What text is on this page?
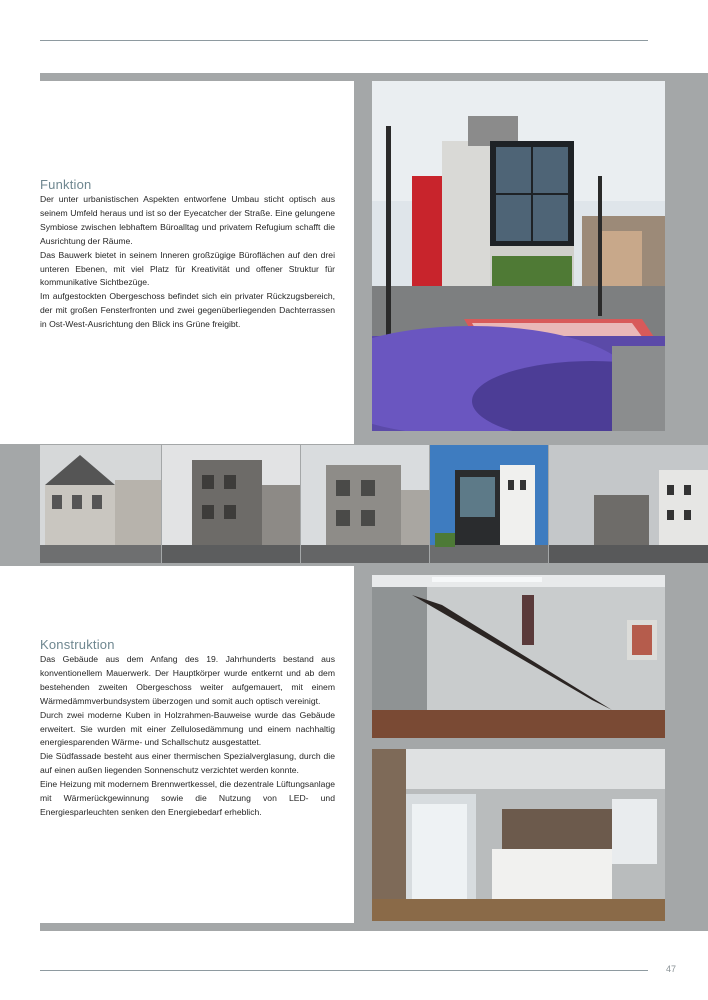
Funktion

Der unter urbanistischen Aspekten entworfene Umbau sticht optisch aus seinem Umfeld heraus und ist so der Eyecatcher der Straße. Eine gelungene Symbiose zwischen lebhaftem Büroalltag und privatem Refugium schafft die Ausrichtung der Räume.

Das Bauwerk bietet in seinem Inneren großzügige Büroflächen auf den drei unteren Ebenen, mit viel Platz für Kreativität und offener Struktur für kommunikative Sichtbezüge.

Im aufgestockten Obergeschoss befindet sich ein privater Rückzugsbereich, der mit großen Fensterfronten und zwei gegenüberliegenden Dachterrassen in Ost-West-Ausrichtung den Blick ins Grüne freigibt.

Konstruktion

Das Gebäude aus dem Anfang des 19. Jahrhunderts bestand aus konventionellem Mauerwerk. Der Hauptkörper wurde entkernt und ab dem bestehenden zweiten Obergeschoss weiter aufgemauert, mit einem Wärmedämmverbundsystem überzogen und somit auch optisch vereinigt.

Durch zwei moderne Kuben in Holzrahmen-Bauweise wurde das Gebäude erweitert. Sie wurden mit einer Zellulosedämmung und einem nachhaltig energiesparenden Wärme- und Schallschutz ausgestattet.

Die Südfassade besteht aus einer thermischen Spezialverglasung, durch die auf einen außen liegenden Sonnenschutz verzichtet werden konnte.

Eine Heizung mit modernem Brennwertkessel, die dezentrale Lüftungsanlage mit Wärmerückgewinnung sowie die Nutzung von LED- und Energiesparleuchten senken den Energiebedarf erheblich.

47
